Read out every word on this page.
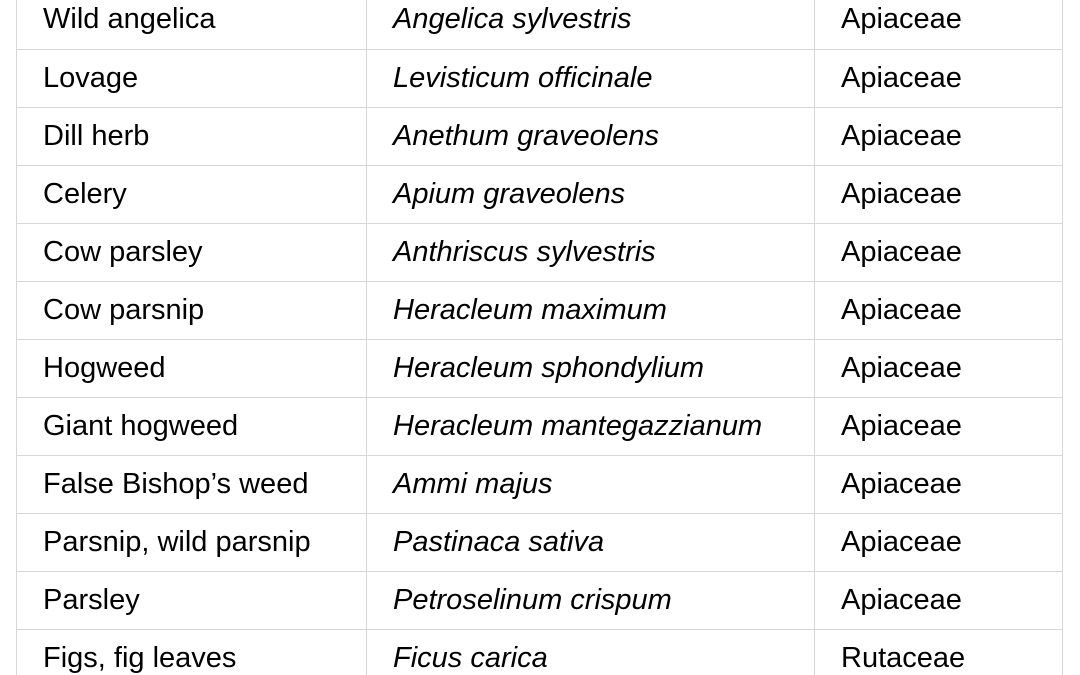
Wild angelica	Angelica sylvestris	Apiaceae
Lovage	Levisticum officinale	Apiaceae
Dill herb	Anethum graveolens	Apiaceae
Celery	Apium graveolens	Apiaceae
Cow parsley	Anthriscus sylvestris	Apiaceae
Cow parsnip	Heracleum maximum	Apiaceae
Hogweed	Heracleum sphondylium	Apiaceae
Giant hogweed	Heracleum mantegazzianum	Apiaceae
False Bishop’s weed	Ammi majus	Apiaceae
Parsnip, wild parsnip	Pastinaca sativa	Apiaceae
Parsley	Petroselinum crispum	Apiaceae
Figs, fig leaves	Ficus carica	Rutaceae
